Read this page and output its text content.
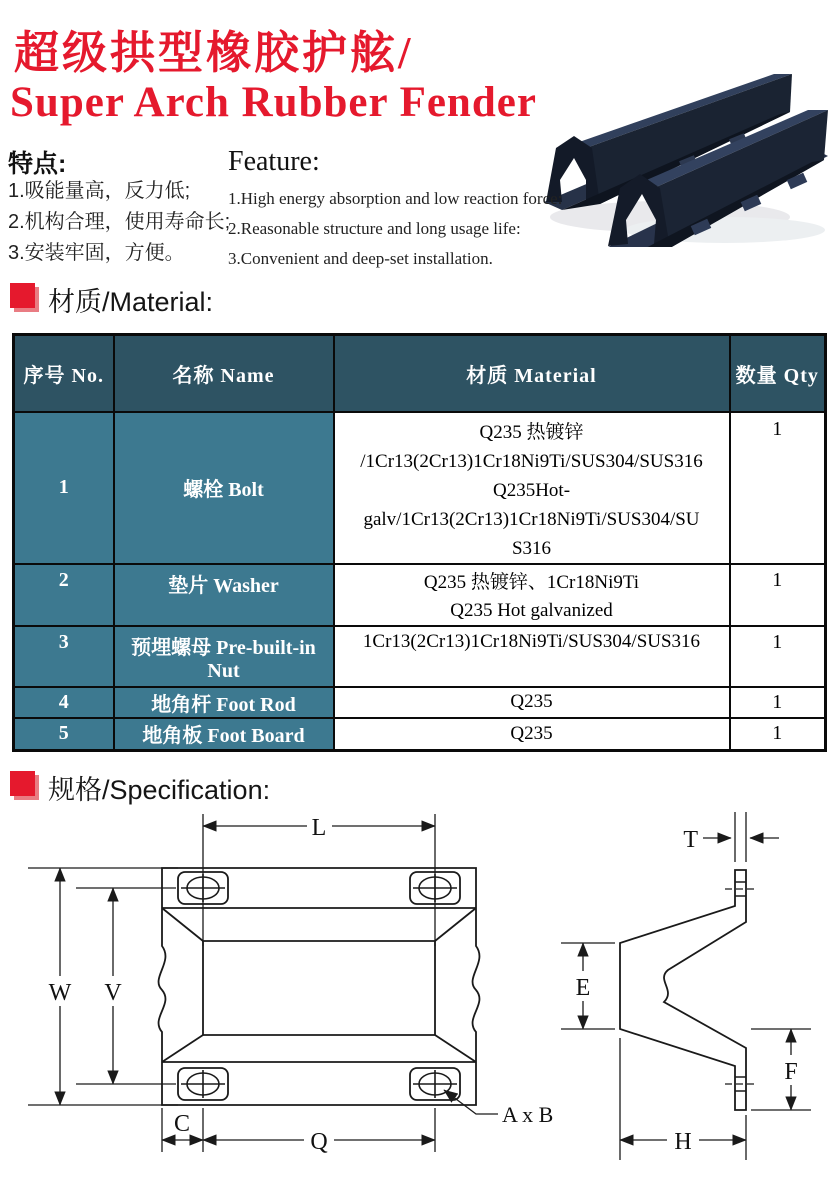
超级拱型橡胶护舷/
Super Arch Rubber Fender
特点:
1.吸能量高，反力低;
2.机构合理，使用寿命长;
3.安装牢固，方便。
Feature:
1.High energy absorption and low reaction force:
2.Reasonable structure and long usage life:
3.Convenient and deep-set installation.
材质/Material:
序号 No.	名称 Name	材质 Material	数量 Qty
1	螺栓 Bolt	Q235 热镀锌
/1Cr13(2Cr13)1Cr18Ni9Ti/SUS304/SUS316
Q235Hot-galv/1Cr13(2Cr13)1Cr18Ni9Ti/SUS304/SU
S316	1
2	垫片 Washer	Q235 热镀锌、1Cr18Ni9Ti
Q235 Hot galvanized	1
3	预埋螺母 Pre-built-in Nut	1Cr13(2Cr13)1Cr18Ni9Ti/SUS304/SUS316	1
4	地角杆 Foot Rod	Q235	1
5	地角板 Foot Board	Q235	1
规格/Specification:
L
W V
C
Q
A x B
T
E
F
H
